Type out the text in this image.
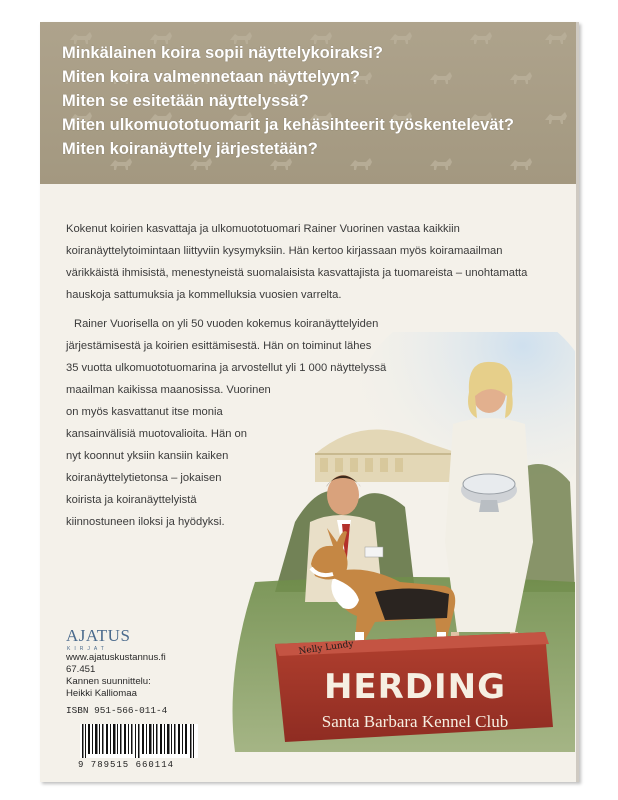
Minkälainen koira sopii näyttelykoiraksi?
Miten koira valmennetaan näyttelyyn?
Miten se esitetään näyttelyssä?
Miten ulkomuototuomarit ja kehäsihteerit työskentelevät?
Miten koiranäyttely järjestetään?
Nelly Lundy
HERDING
Santa Barbara Kennel Club
Kokenut koirien kasvattaja ja ulkomuototuomari Rainer Vuorinen vastaa kaikkiin
koiranäyttelytoimintaan liittyviin kysymyksiin. Hän kertoo kirjassaan myös koiramaailman
värikkäistä ihmisistä, menestyneistä suomalaisista kasvattajista ja tuomareista – unohtamatta
hauskoja sattumuksia ja kommelluksia vuosien varrelta.
Rainer Vuorisella on yli 50 vuoden kokemus koiranäyttelyiden
järjestämisestä ja koirien esittämisestä. Hän on toiminut lähes
35 vuotta ulkomuototuomarina ja arvostellut yli 1 000 näyttelyssä
maailman kaikissa maanosissa. Vuorinen
on myös kasvattanut itse monia
kansainvälisiä muotovalioita. Hän on
nyt koonnut yksiin kansiin kaiken
koiranäyttelytietonsa – jokaisen
koirista ja koiranäyttelyistä
kiinnostuneen iloksi ja hyödyksi.
AJATUS
KIRJAT
www.ajatuskustannus.fi
67.451
Kannen suunnittelu:
Heikki Kalliomaa
ISBN 951-566-011-4
9 789515 660114
